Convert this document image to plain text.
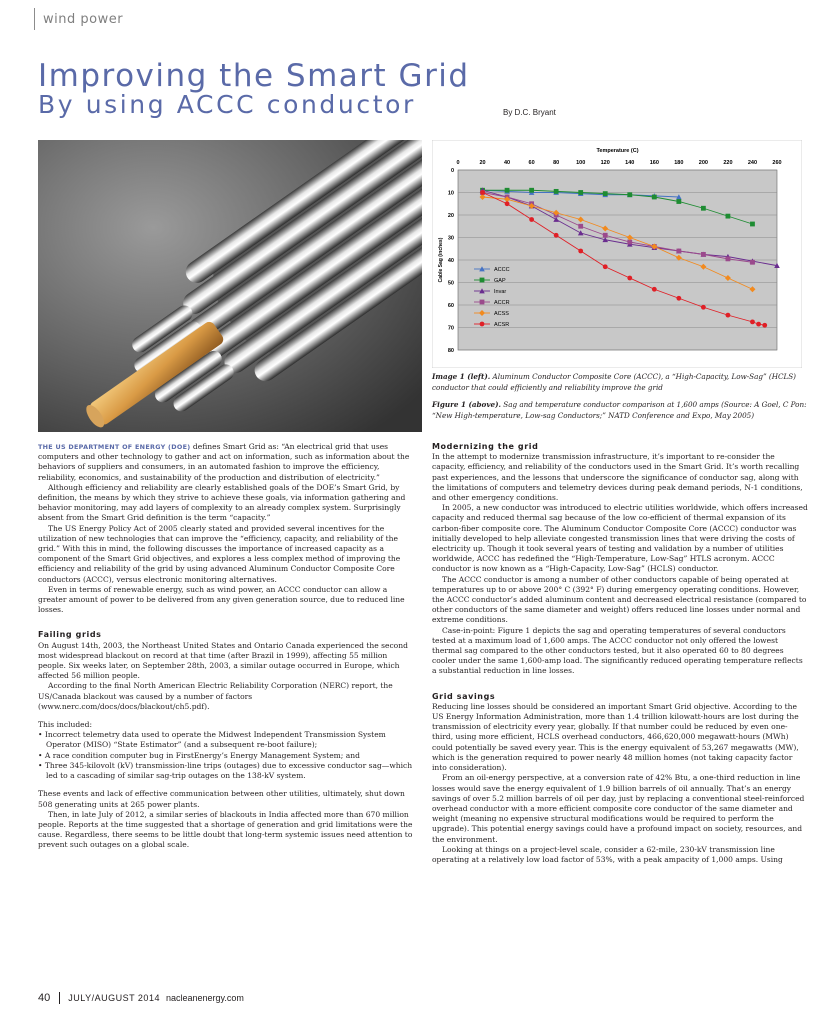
wind power
Improving the Smart Grid
By using ACCC conductor	By D.C. Bryant
0
10
20
30
40
50
60
70
80
0	20	40	60	80	100	120	140	160	180	200	220	240	260
Temperature (C)
Cable Sag (inches)	ACCC
GAP
Invar
ACCR
ACSS
ACSR

Image 1 (left). Aluminum Conductor Composite Core (ACCC), a “High-Capacity, Low-Sag” (HCLS) conductor that could efficiently and reliability improve the grid

Figure 1 (above). Sag and temperature conductor comparison at 1,600 amps (Source: A Goel, C Pon: “New High-temperature, Low-sag Conductors;” NATD Conference and Expo, May 2005)

THE US DEPARTMENT OF ENERGY (DOE) defines Smart Grid as: “An electrical grid that uses computers and other technology to gather and act on information, such as information about the behaviors of suppliers and consumers, in an automated fashion to improve the efficiency, reliability, economics, and sustainability of the production and distribution of electricity.”

Although efficiency and reliability are clearly established goals of the DOE’s Smart Grid, by definition, the means by which they strive to achieve these goals, via information gathering and behavior monitoring, may add layers of complexity to an already complex system. Surprisingly absent from the Smart Grid definition is the term “capacity.”

The US Energy Policy Act of 2005 clearly stated and provided several incentives for the utilization of new technologies that can improve the “efficiency, capacity, and reliability of the grid.” With this in mind, the following discusses the importance of increased capacity as a component of the Smart Grid objectives, and explores a less complex method of improving the efficiency and reliability of the grid by using advanced Aluminum Conductor Composite Core conductors (ACCC), versus electronic monitoring alternatives.

Even in terms of renewable energy, such as wind power, an ACCC conductor can allow a greater amount of power to be delivered from any given generation source, due to reduced line losses.

Failing grids

On August 14th, 2003, the Northeast United States and Ontario Canada experienced the second most widespread blackout on record at that time (after Brazil in 1999), affecting 55 million people. Six weeks later, on September 28th, 2003, a similar outage occurred in Europe, which affected 56 million people.

According to the final North American Electric Reliability Corporation (NERC) report, the US/Canada blackout was caused by a number of factors (www.nerc.com/docs/docs/blackout/ch5.pdf).

This included:

• Incorrect telemetry data used to operate the Midwest Independent Transmission System Operator (MISO) “State Estimator” (and a subsequent re-boot failure);
• A race condition computer bug in FirstEnergy’s Energy Management System; and
• Three 345-kilovolt (kV) transmission-line trips (outages) due to excessive conductor sag—which led to a cascading of similar sag-trip outages on the 138-kV system.

These events and lack of effective communication between other utilities, ultimately, shut down 508 generating units at 265 power plants.

Then, in late July of 2012, a similar series of blackouts in India affected more than 670 million people. Reports at the time suggested that a shortage of generation and grid limitations were the cause. Regardless, there seems to be little doubt that long-term systemic issues need attention to prevent such outages on a global scale.

Modernizing the grid

In the attempt to modernize transmission infrastructure, it’s important to re-consider the capacity, efficiency, and reliability of the conductors used in the Smart Grid. It’s worth recalling past experiences, and the lessons that underscore the significance of conductor sag, along with the limitations of computers and telemetry devices during peak demand periods, N-1 conditions, and other emergency conditions.

In 2005, a new conductor was introduced to electric utilities worldwide, which offers increased capacity and reduced thermal sag because of the low co-efficient of thermal expansion of its carbon-fiber composite core. The Aluminum Conductor Composite Core (ACCC) conductor was initially developed to help alleviate congested transmission lines that were driving the costs of electricity up. Though it took several years of testing and validation by a number of utilities worldwide, ACCC has redefined the “High-Temperature, Low-Sag” HTLS acronym. ACCC conductor is now known as a “High-Capacity, Low-Sag” (HCLS) conductor.

The ACCC conductor is among a number of other conductors capable of being operated at temperatures up to or above 200° C (392° F) during emergency operating conditions. However, the ACCC conductor’s added aluminum content and decreased electrical resistance (compared to other conductors of the same diameter and weight) offers reduced line losses under normal and extreme conditions.

Case-in-point: Figure 1 depicts the sag and operating temperatures of several conductors tested at a maximum load of 1,600 amps. The ACCC conductor not only offered the lowest thermal sag compared to the other conductors tested, but it also operated 60 to 80 degrees cooler under the same 1,600-amp load. The significantly reduced operating temperature reflects a substantial reduction in line losses.

Grid savings

Reducing line losses should be considered an important Smart Grid objective. According to the US Energy Information Administration, more than 1.4 trillion kilowatt-hours are lost during the transmission of electricity every year, globally. If that number could be reduced by even one-third, using more efficient, HCLS overhead conductors, 466,620,000 megawatt-hours (MWh) could potentially be saved every year. This is the energy equivalent of 53,267 megawatts (MW), which is the generation required to power nearly 48 million homes (not taking capacity factor into consideration).

From an oil-energy perspective, at a conversion rate of 42% Btu, a one-third reduction in line losses would save the energy equivalent of 1.9 billion barrels of oil annually. That’s an energy savings of over 5.2 million barrels of oil per day, just by replacing a conventional steel-reinforced overhead conductor with a more efficient composite core conductor of the same diameter and weight (meaning no expensive structural modifications would be required to perform the upgrade). This potential energy savings could have a profound impact on society, resources, and the environment.

Looking at things on a project-level scale, consider a 62-mile, 230-kV transmission line operating at a relatively low load factor of 53%, with a peak ampacity of 1,000 amps. Using

40 JULY/AUGUST 2014 nacleanenergy.com
